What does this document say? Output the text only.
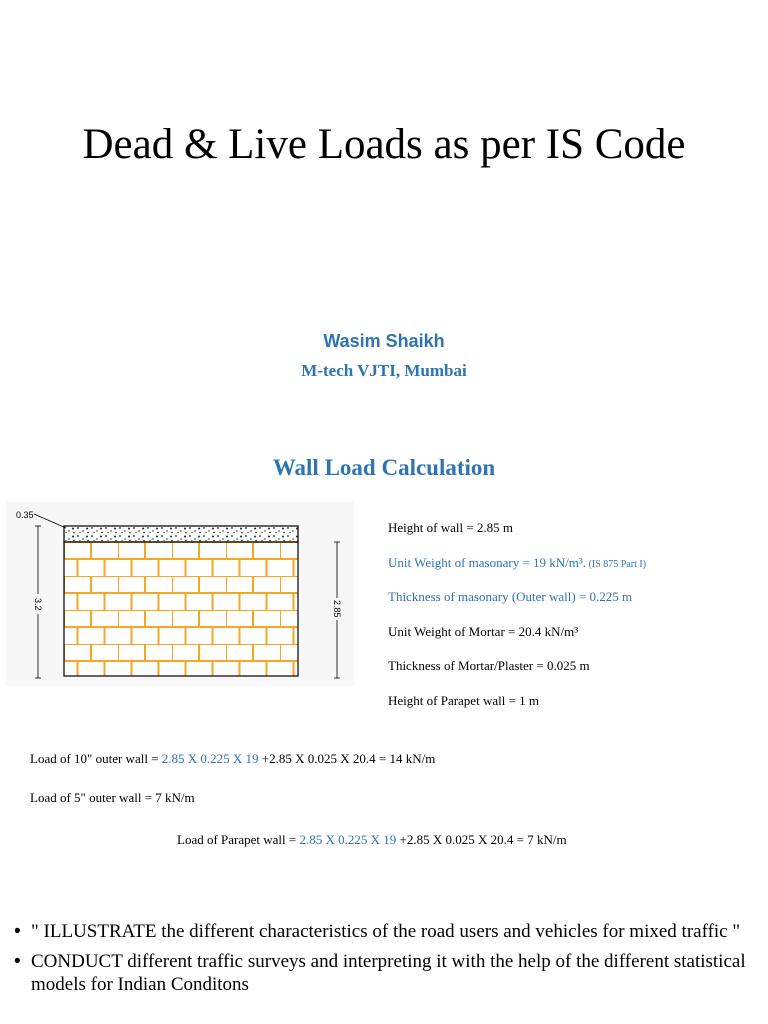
Dead & Live Loads as per IS Code
Wasim Shaikh
M-tech VJTI, Mumbai
Wall Load Calculation
0.35
3.2	2.85
Height of wall = 2.85 m
Unit Weight of masonary = 19 kN/m³. (IS 875 Part I)
Thickness of masonary (Outer wall) = 0.225 m
Unit Weight of Mortar = 20.4 kN/m³
Thickness of Mortar/Plaster = 0.025 m
Height of Parapet wall = 1 m
Load of 10" outer wall = 2.85 X 0.225 X 19 +2.85 X 0.025 X 20.4 = 14 kN/m
Load of 5" outer wall = 7 kN/m
Load of Parapet wall = 2.85 X 0.225 X 19 +2.85 X 0.025 X 20.4 = 7 kN/m
• " ILLUSTRATE the different characteristics of the road users and vehicles for mixed traffic "
• CONDUCT different traffic surveys and interpreting it with the help of the different statistical models for Indian Conditons
